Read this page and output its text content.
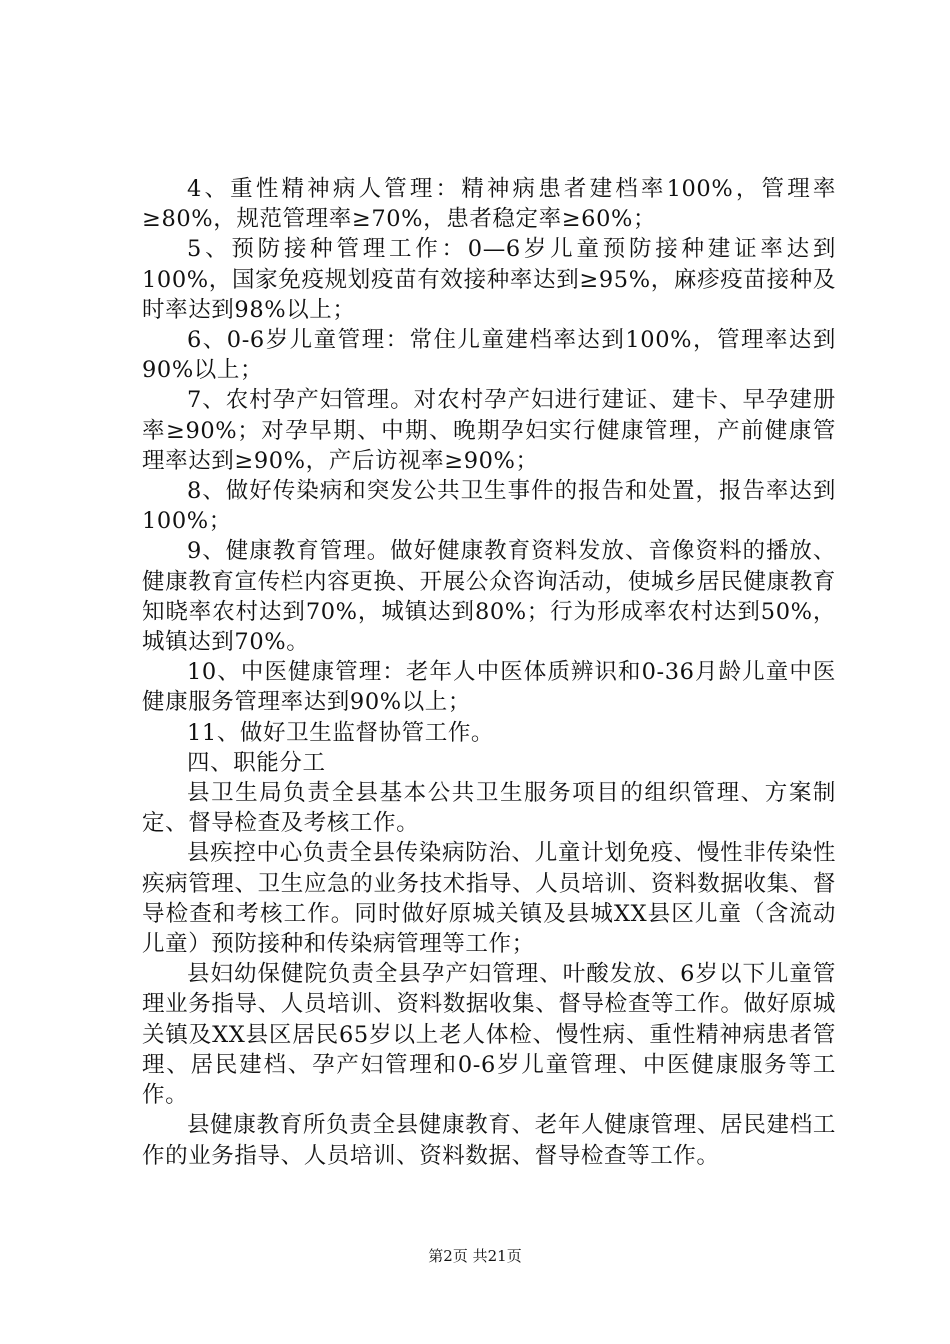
4、重性精神病人管理：精神病患者建档率100%，管理率≥80%，规范管理率≥70%，患者稳定率≥60%；

5、预防接种管理工作：0—6岁儿童预防接种建证率达到100%，国家免疫规划疫苗有效接种率达到≥95%，麻疹疫苗接种及时率达到98%以上；

6、0-6岁儿童管理：常住儿童建档率达到100%，管理率达到90%以上；

7、农村孕产妇管理。对农村孕产妇进行建证、建卡、早孕建册率≥90%；对孕早期、中期、晚期孕妇实行健康管理，产前健康管理率达到≥90%，产后访视率≥90%；

8、做好传染病和突发公共卫生事件的报告和处置，报告率达到100%；

9、健康教育管理。做好健康教育资料发放、音像资料的播放、健康教育宣传栏内容更换、开展公众咨询活动，使城乡居民健康教育知晓率农村达到70%，城镇达到80%；行为形成率农村达到50%，城镇达到70%。

10、中医健康管理：老年人中医体质辨识和0-36月龄儿童中医健康服务管理率达到90%以上；

11、做好卫生监督协管工作。

四、职能分工

县卫生局负责全县基本公共卫生服务项目的组织管理、方案制定、督导检查及考核工作。

县疾控中心负责全县传染病防治、儿童计划免疫、慢性非传染性疾病管理、卫生应急的业务技术指导、人员培训、资料数据收集、督导检查和考核工作。同时做好原城关镇及县城XX县区儿童（含流动儿童）预防接种和传染病管理等工作；

县妇幼保健院负责全县孕产妇管理、叶酸发放、6岁以下儿童管理业务指导、人员培训、资料数据收集、督导检查等工作。做好原城关镇及XX县区居民65岁以上老人体检、慢性病、重性精神病患者管理、居民建档、孕产妇管理和0-6岁儿童管理、中医健康服务等工作。

县健康教育所负责全县健康教育、老年人健康管理、居民建档工作的业务指导、人员培训、资料数据、督导检查等工作。

第2页 共21页
